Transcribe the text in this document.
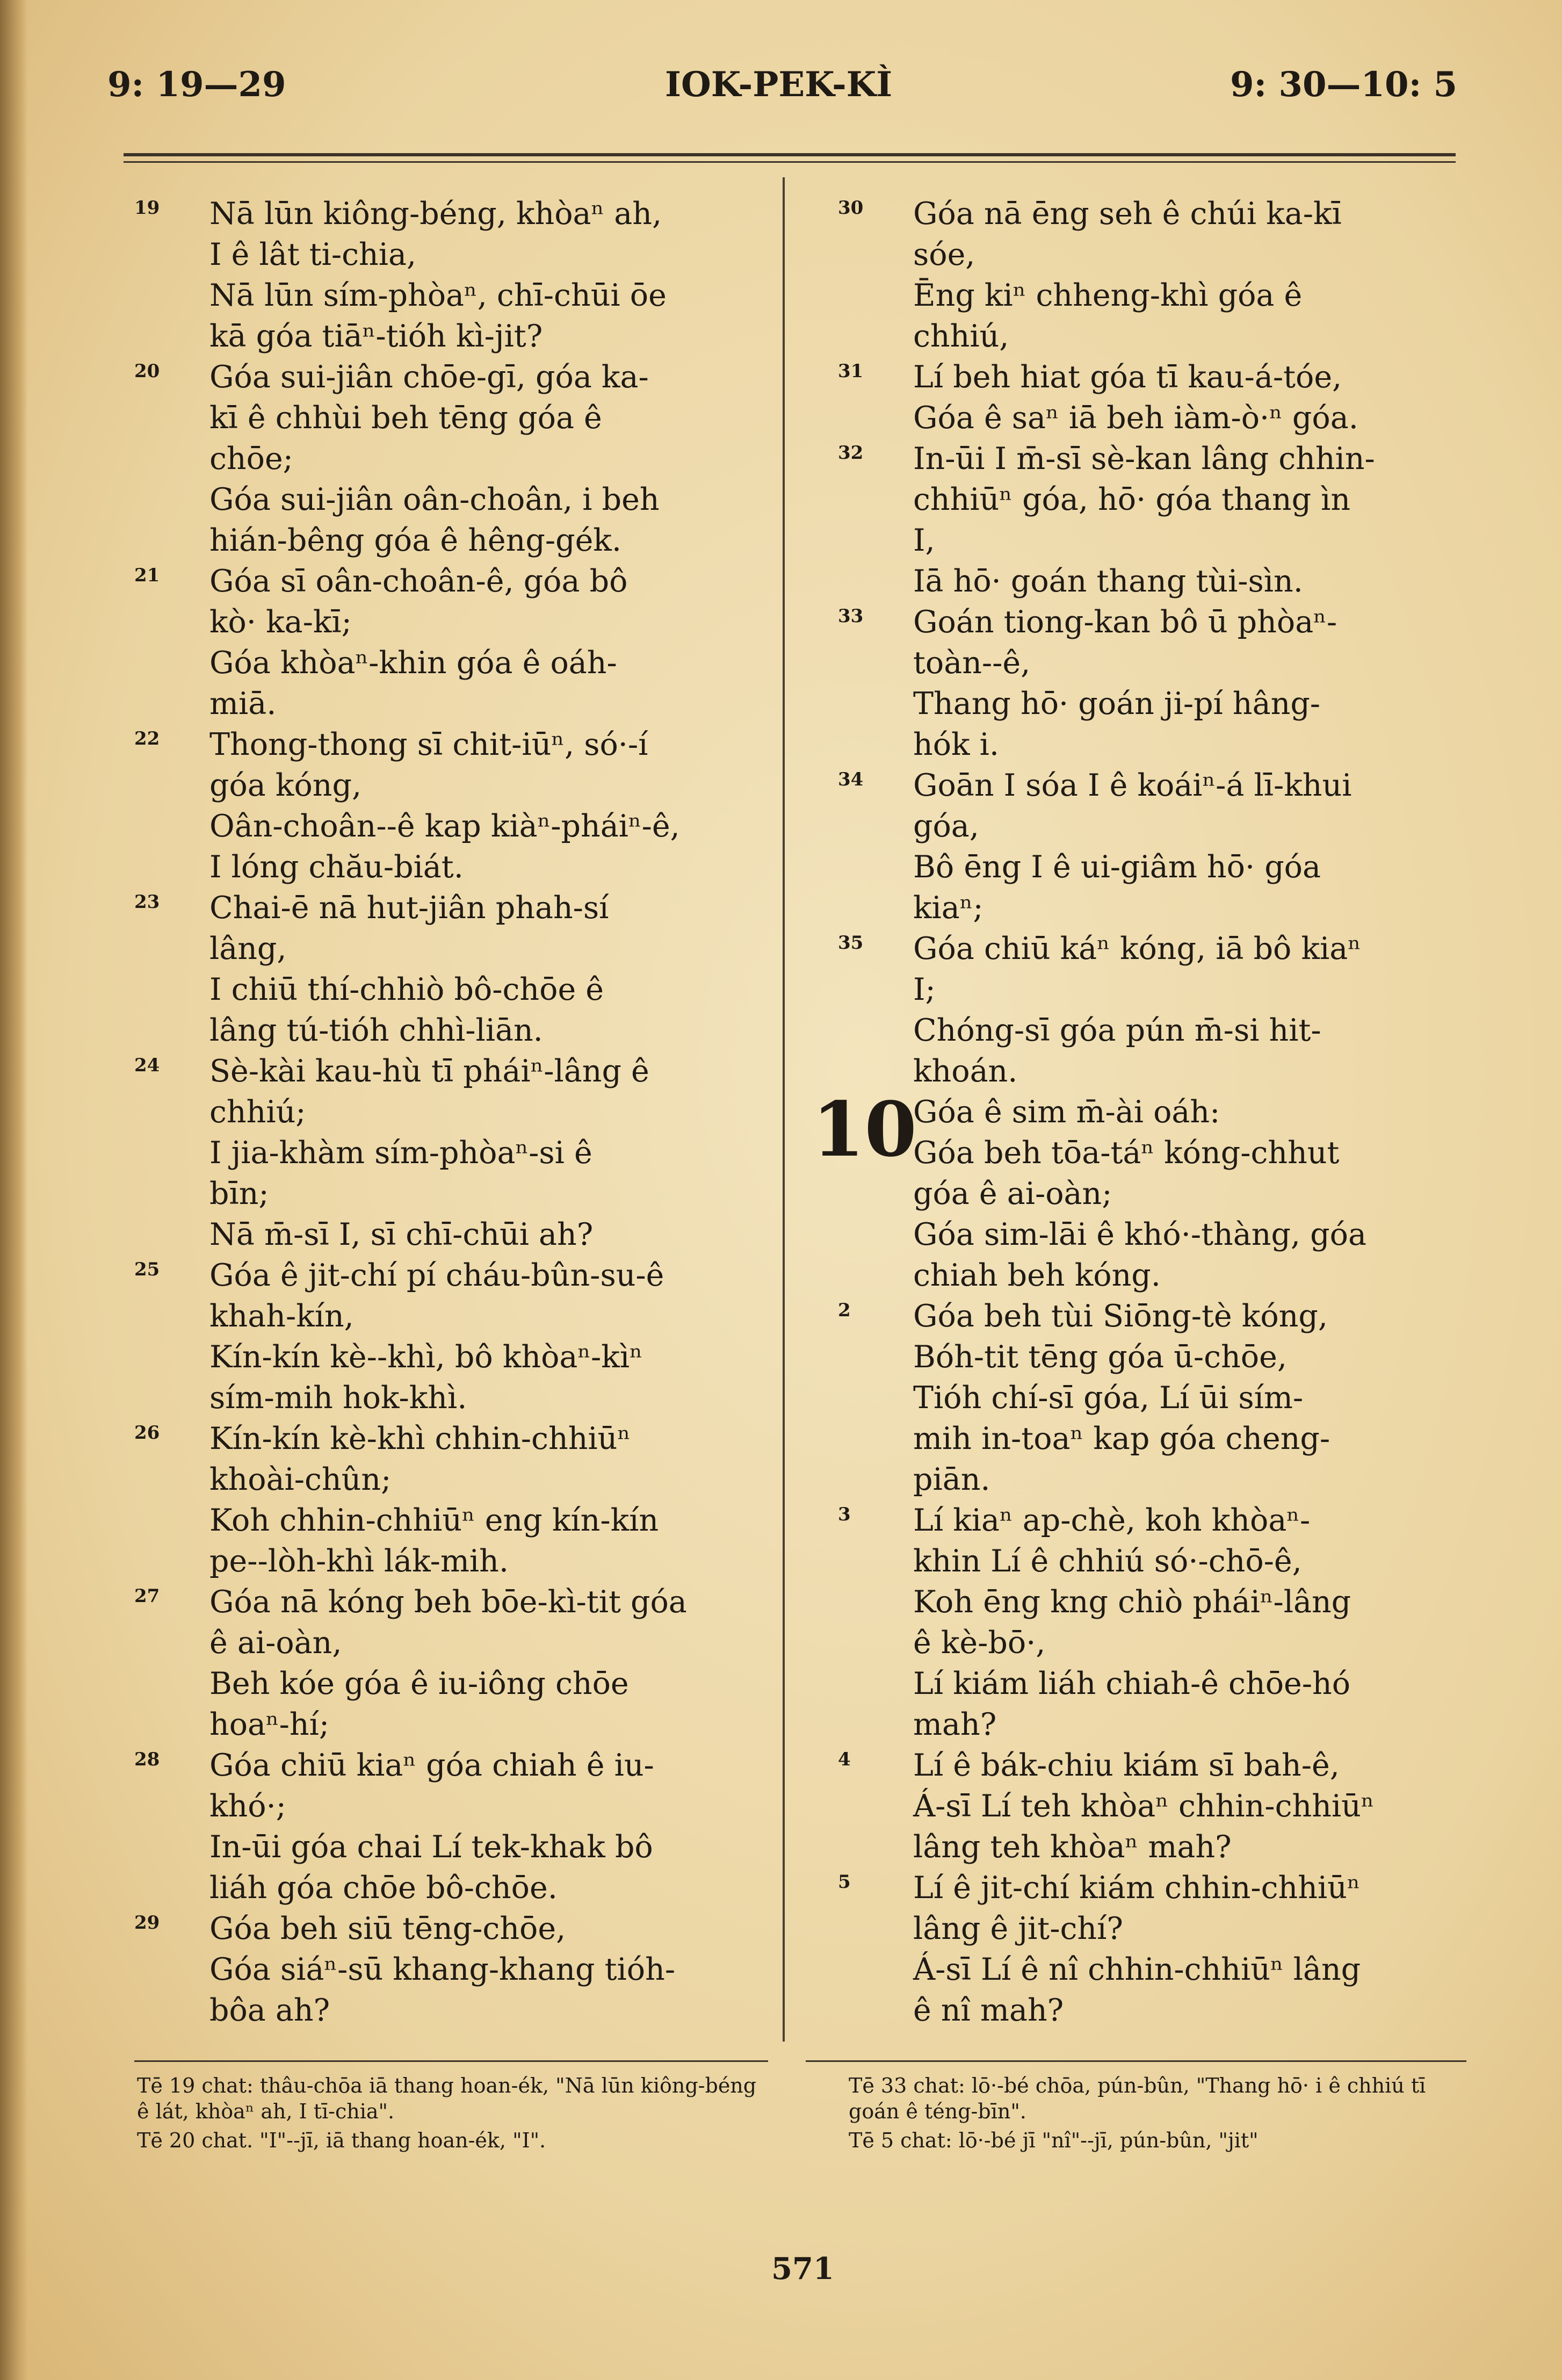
9: 19—29	IOK-PEK-KÌ	9: 30—10: 5
19	Nā lūn kiông-béng, khòaⁿ ah,
I ê lât ti-chia,
Nā lūn sím-phòaⁿ, chī-chūi ōe
kā góa tiāⁿ-tióh kì-jit?
20	Góa sui-jiân chōe-gī, góa ka-
kī ê chhùi beh tēng góa ê
chōe;
Góa sui-jiân oân-choân, i beh
hián-bêng góa ê hêng-gék.
21	Góa sī oân-choân-ê, góa bô
kò· ka-kī;
Góa khòaⁿ-khin góa ê oáh-
miā.
22	Thong-thong sī chit-iūⁿ, só·-í
góa kóng,
Oân-choân--ê kap kiàⁿ-pháiⁿ-ê,
I lóng chău-biát.
23	Chai-ē nā hut-jiân phah-sí
lâng,
I chiū thí-chhiò bô-chōe ê
lâng tú-tióh chhì-liān.
24	Sè-kài kau-hù tī pháiⁿ-lâng ê
chhiú;
I jia-khàm sím-phòaⁿ-si ê
bīn;
Nā m̄-sī I, sī chī-chūi ah?
25	Góa ê jit-chí pí cháu-bûn-su-ê
khah-kín,
Kín-kín kè--khì, bô khòaⁿ-kìⁿ
sím-mih hok-khì.
26	Kín-kín kè-khì chhin-chhiūⁿ
khoài-chûn;
Koh chhin-chhiūⁿ eng kín-kín
pe--lòh-khì lák-mih.
27	Góa nā kóng beh bōe-kì-tit góa
ê ai-oàn,
Beh kóe góa ê iu-iông chōe
hoaⁿ-hí;
28	Góa chiū kiaⁿ góa chiah ê iu-
khó·;
In-ūi góa chai Lí tek-khak bô
liáh góa chōe bô-chōe.
29	Góa beh siū tēng-chōe,
Góa siáⁿ-sū khang-khang tióh-
bôa ah?
30	Góa nā ēng seh ê chúi ka-kī
sóe,
Ēng kiⁿ chheng-khì góa ê
chhiú,
31	Lí beh hiat góa tī kau-á-tóe,
Góa ê saⁿ iā beh iàm-ò·ⁿ góa.
32	In-ūi I m̄-sī sè-kan lâng chhin-
chhiūⁿ góa, hō· góa thang ìn
I,
Iā hō· goán thang tùi-sìn.
33	Goán tiong-kan bô ū phòaⁿ-
toàn--ê,
Thang hō· goán ji-pí hâng-
hók i.
34	Goān I sóa I ê koáiⁿ-á lī-khui
góa,
Bô ēng I ê ui-giâm hō· góa
kiaⁿ;
35	Góa chiū káⁿ kóng, iā bô kiaⁿ
I;
Chóng-sī góa pún m̄-si hit-
khoán.
10
Góa ê sim m̄-ài oáh:
Góa beh tōa-táⁿ kóng-chhut
góa ê ai-oàn;
Góa sim-lāi ê khó·-thàng, góa
chiah beh kóng.
2	Góa beh tùi Siōng-tè kóng,
Bóh-tit tēng góa ū-chōe,
Tióh chí-sī góa, Lí ūi sím-
mih in-toaⁿ kap góa cheng-
piān.
3	Lí kiaⁿ ap-chè, koh khòaⁿ-
khin Lí ê chhiú só·-chō-ê,
Koh ēng kng chiò pháiⁿ-lâng
ê kè-bō·,
Lí kiám liáh chiah-ê chōe-hó
mah?
4	Lí ê bák-chiu kiám sī bah-ê,
Á-sī Lí teh khòaⁿ chhin-chhiūⁿ
lâng teh khòaⁿ mah?
5	Lí ê jit-chí kiám chhin-chhiūⁿ
lâng ê jit-chí?
Á-sī Lí ê nî chhin-chhiūⁿ lâng
ê nî mah?

Tē 19 chat: thâu-chōa iā thang hoan-ék, "Nā lūn kiông-béng ê lát, khòaⁿ ah, I tī-chia".

Tē 20 chat. "I"--jī, iā thang hoan-ék, "I".

Tē 33 chat: lō·-bé chōa, pún-bûn, "Thang hō· i ê chhiú tī goán ê téng-bīn".

Tē 5 chat: lō·-bé jī "nî"--jī, pún-bûn, "jit"

571
